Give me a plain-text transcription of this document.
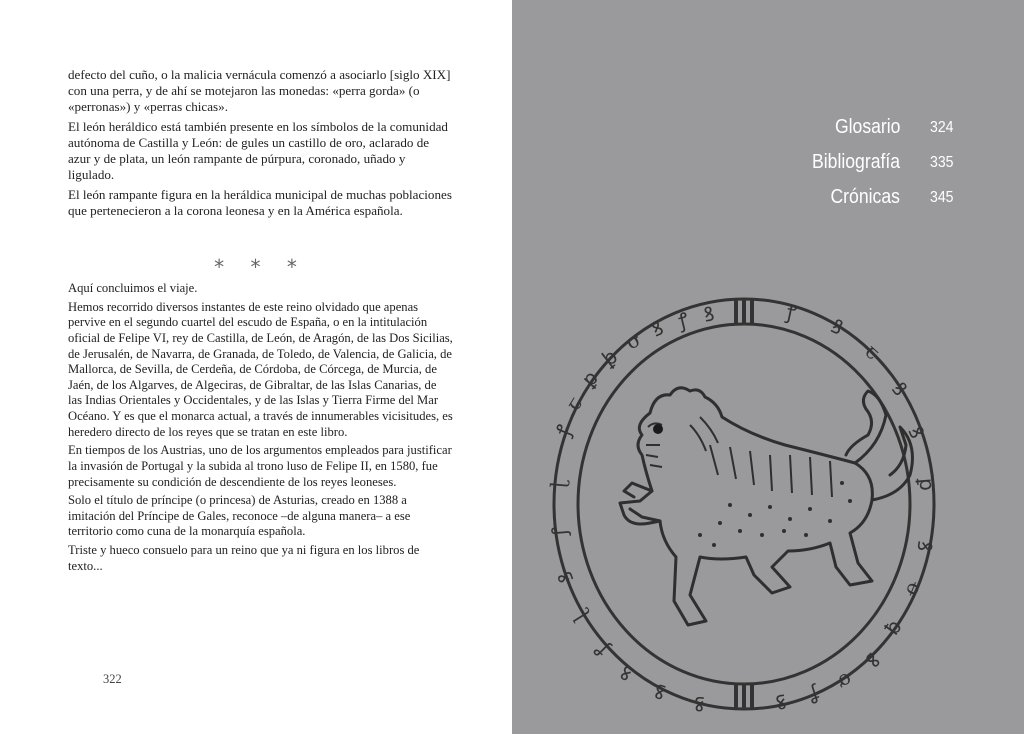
defecto del cuño, o la malicia vernácula comenzó a asociarlo [siglo XIX] con una perra, y de ahí se motejaron las monedas: «perra gorda» (o «perronas») y «perras chicas».

El león heráldico está también presente en los símbolos de la comunidad autónoma de Castilla y León: de gules un castillo de oro, aclarado de azur y de plata, un león rampante de púrpura, coronado, uñado y ligulado.

El león rampante figura en la heráldica municipal de muchas poblaciones que pertenecieron a la corona leonesa y en la América española.

* * *

Aquí concluimos el viaje.

Hemos recorrido diversos instantes de este reino olvidado que apenas pervive en el segundo cuartel del escudo de España, o en la intitulación oficial de Felipe VI, rey de Castilla, de León, de Aragón, de las Dos Sicilias, de Jerusalén, de Navarra, de Granada, de Toledo, de Valencia, de Galicia, de Mallorca, de Sevilla, de Cerdeña, de Córdoba, de Córcega, de Murcia, de Jaén, de los Algarves, de Algeciras, de Gibraltar, de las Islas Canarias, de las Indias Orientales y Occidentales, y de las Islas y Tierra Firme del Mar Océano. Y es que el monarca actual, a través de innumerables vicisitudes, es heredero directo de los reyes que se tratan en este libro.

En tiempos de los Austrias, uno de los argumentos empleados para justificar la invasión de Portugal y la subida al trono luso de Felipe II, en 1580, fue precisamente su condición de descendiente de los reyes leoneses.

Solo el título de príncipe (o princesa) de Asturias, creado en 1388 a imitación del Príncipe de Gales, reconoce –de alguna manera– a ese territorio como cuna de la monarquía española.

Triste y hueco consuelo para un reino que ya ni figura en los libros de texto...

322
Glosario 324
Bibliografía 335
Crónicas 345
ꝸ
ꝭ
ꝸ
ơ
ꝧ
ꝑ
ꞇ
ꝭ
ɭ
ꝭ
ꝸ
ɭ
ꝭ
ꝸ
ꝸ ꝸ	ꝸ ꝭ
ơ
ꝸ
ꝗ
ꝋ
ꝸ
ꝑ
ꝸ
ꝸ
ꞇ
ꝸ
ꝭ
